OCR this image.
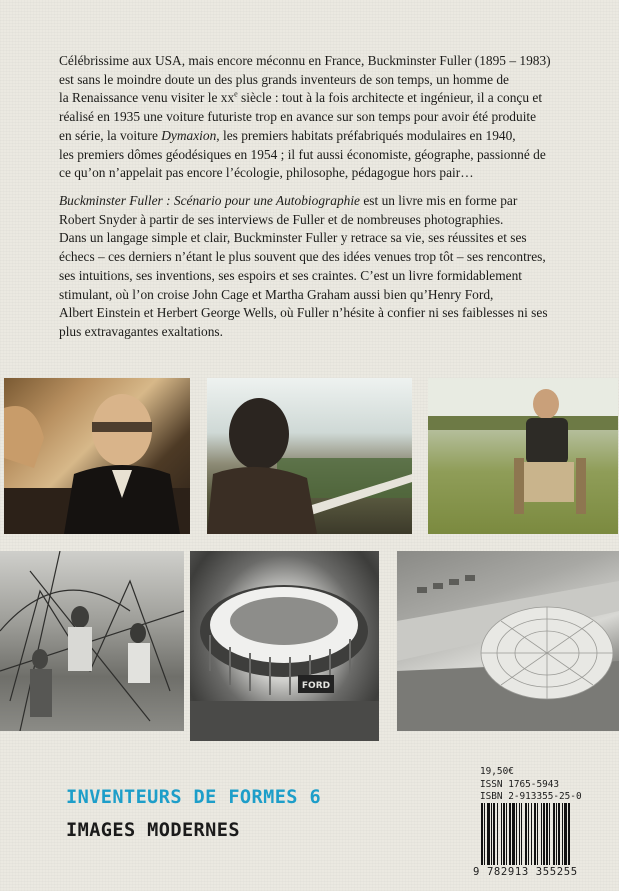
Célébrissime aux USA, mais encore méconnu en France, Buckminster Fuller (1895 – 1983)
est sans le moindre doute un des plus grands inventeurs de son temps, un homme de
la Renaissance venu visiter le $xx^e$ siècle : tout à la fois architecte et ingénieur, il a conçu et
réalisé en 1935 une voiture futuriste trop en avance sur son temps pour avoir été produite
en série, la voiture Dymaxion, les premiers habitats préfabriqués modulaires en 1940,
les premiers dômes géodésiques en 1954 ; il fut aussi économiste, géographe, passionné de
ce qu’on n’appelait pas encore l’écologie, philosophe, pédagogue hors pair…

Buckminster Fuller : Scénario pour une Autobiographie est un livre mis en forme par
Robert Snyder à partir de ses interviews de Fuller et de nombreuses photographies.
Dans un langage simple et clair, Buckminster Fuller y retrace sa vie, ses réussites et ses
échecs – ces derniers n’étant le plus souvent que des idées venues trop tôt – ses rencontres,
ses intuitions, ses inventions, ses espoirs et ses craintes. C’est un livre formidablement
stimulant, où l’on croise John Cage et Martha Graham aussi bien qu’Henry Ford,
Albert Einstein et Herbert George Wells, où Fuller n’hésite à confier ni ses faiblesses ni ses
plus extravagantes exaltations.

FORD
19,50€
ISSN 1765-5943
ISBN 2-913355-25-0
9 782913 355255
INVENTEURS DE FORMES 6
IMAGES MODERNES
